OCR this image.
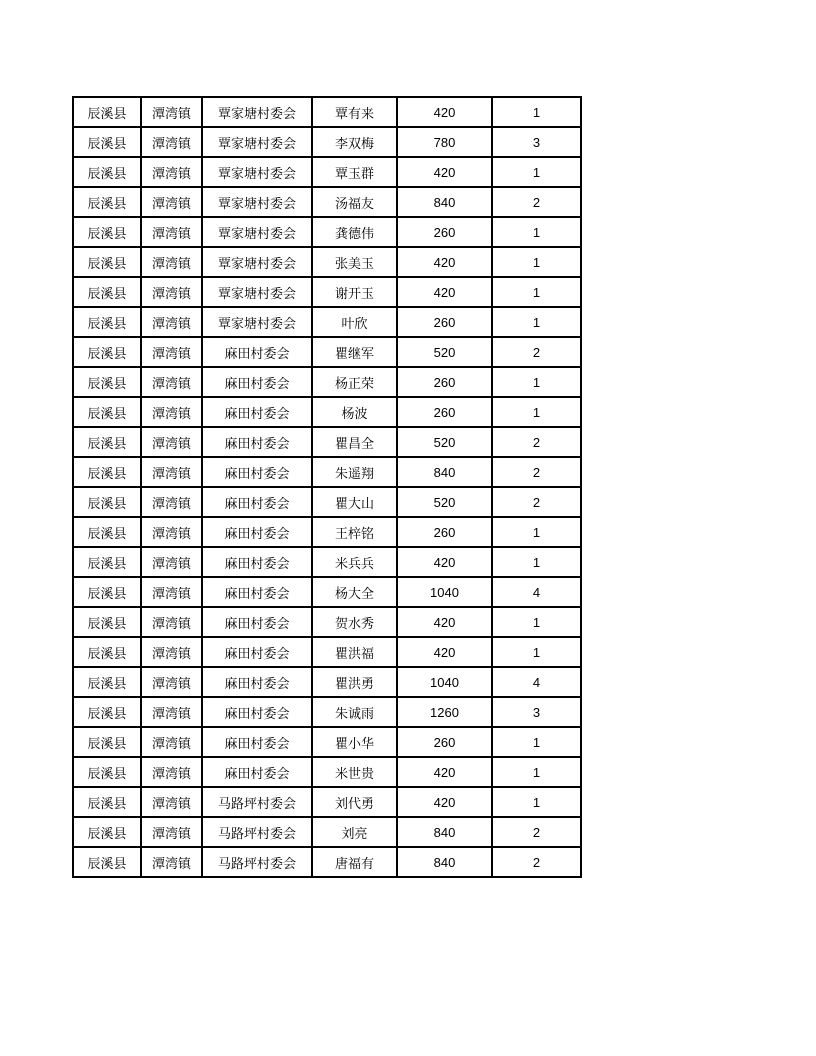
辰溪县	潭湾镇	覃家塘村委会	覃有来	420	1
辰溪县	潭湾镇	覃家塘村委会	李双梅	780	3
辰溪县	潭湾镇	覃家塘村委会	覃玉群	420	1
辰溪县	潭湾镇	覃家塘村委会	汤福友	840	2
辰溪县	潭湾镇	覃家塘村委会	龚德伟	260	1
辰溪县	潭湾镇	覃家塘村委会	张美玉	420	1
辰溪县	潭湾镇	覃家塘村委会	谢开玉	420	1
辰溪县	潭湾镇	覃家塘村委会	叶欣	260	1
辰溪县	潭湾镇	麻田村委会	瞿继军	520	2
辰溪县	潭湾镇	麻田村委会	杨正荣	260	1
辰溪县	潭湾镇	麻田村委会	杨波	260	1
辰溪县	潭湾镇	麻田村委会	瞿昌全	520	2
辰溪县	潭湾镇	麻田村委会	朱遥翔	840	2
辰溪县	潭湾镇	麻田村委会	瞿大山	520	2
辰溪县	潭湾镇	麻田村委会	王梓铭	260	1
辰溪县	潭湾镇	麻田村委会	米兵兵	420	1
辰溪县	潭湾镇	麻田村委会	杨大全	1040	4
辰溪县	潭湾镇	麻田村委会	贺水秀	420	1
辰溪县	潭湾镇	麻田村委会	瞿洪福	420	1
辰溪县	潭湾镇	麻田村委会	瞿洪勇	1040	4
辰溪县	潭湾镇	麻田村委会	朱诚雨	1260	3
辰溪县	潭湾镇	麻田村委会	瞿小华	260	1
辰溪县	潭湾镇	麻田村委会	米世贵	420	1
辰溪县	潭湾镇	马路坪村委会	刘代勇	420	1
辰溪县	潭湾镇	马路坪村委会	刘亮	840	2
辰溪县	潭湾镇	马路坪村委会	唐福有	840	2
